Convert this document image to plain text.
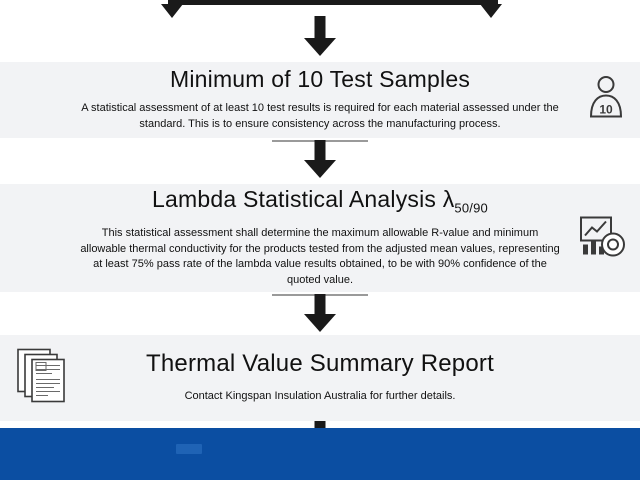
Minimum of 10 Test Samples
A statistical assessment of at least 10 test results is required for each material assessed under the standard. This is to ensure consistency across the manufacturing process.
10
Lambda Statistical Analysis $\lambda_{50/90}$
This statistical assessment shall determine the maximum allowable R-value and minimum allowable thermal conductivity for the products tested from the adjusted mean values, representing at least 75% pass rate of the lambda value results obtained, to be with 90% confidence of the quoted value.
Thermal Value Summary Report
Contact Kingspan Insulation Australia for further details.
